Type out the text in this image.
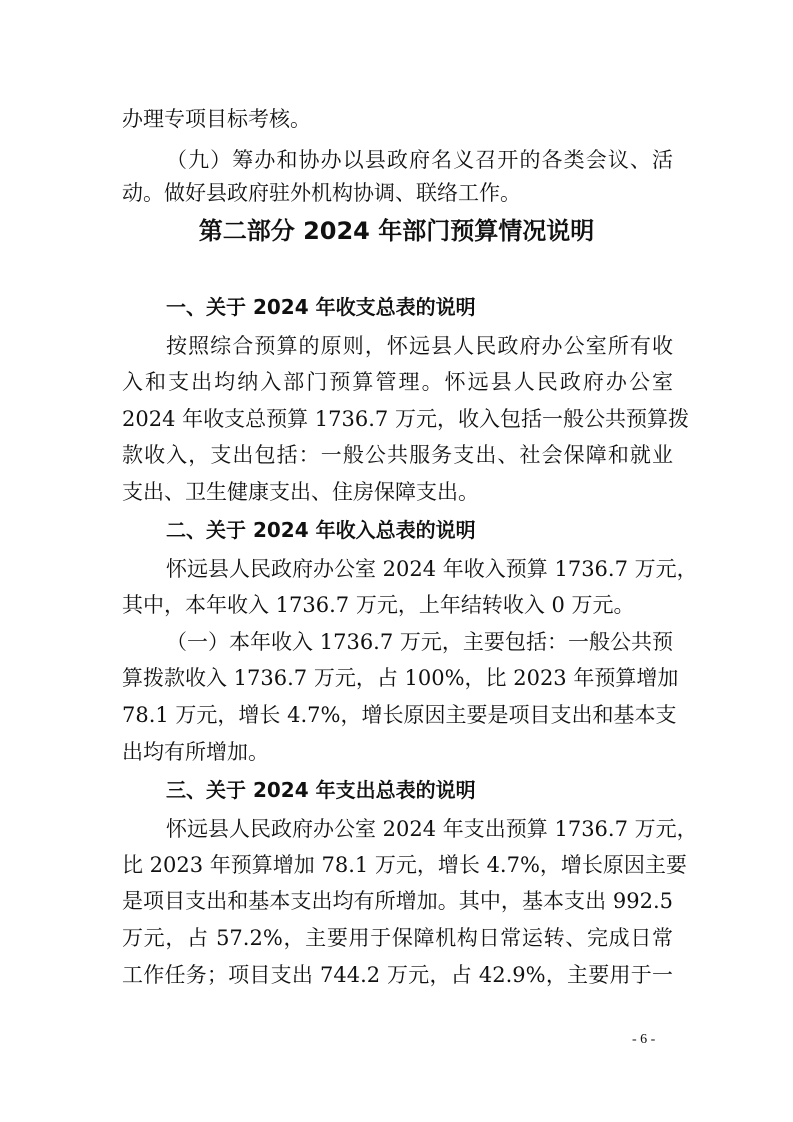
办理专项目标考核。
（九）筹办和协办以县政府名义召开的各类会议、活
动。做好县政府驻外机构协调、联络工作。
第二部分 2024 年部门预算情况说明
一、关于 2024 年收支总表的说明
按照综合预算的原则，怀远县人民政府办公室所有收
入和支出均纳入部门预算管理。怀远县人民政府办公室
2024 年收支总预算 1736.7 万元，收入包括一般公共预算拨
款收入，支出包括：一般公共服务支出、社会保障和就业
支出、卫生健康支出、住房保障支出。
二、关于 2024 年收入总表的说明
怀远县人民政府办公室 2024 年收入预算 1736.7 万元，
其中，本年收入 1736.7 万元，上年结转收入 0 万元。
（一）本年收入 1736.7 万元，主要包括：一般公共预
算拨款收入 1736.7 万元，占 100%，比 2023 年预算增加
78.1 万元，增长 4.7%，增长原因主要是项目支出和基本支
出均有所增加。
三、关于 2024 年支出总表的说明
怀远县人民政府办公室 2024 年支出预算 1736.7 万元，
比 2023 年预算增加 78.1 万元，增长 4.7%，增长原因主要
是项目支出和基本支出均有所增加。其中，基本支出 992.5
万元，占 57.2%，主要用于保障机构日常运转、完成日常
工作任务；项目支出 744.2 万元，占 42.9%，主要用于一
- 6 -
